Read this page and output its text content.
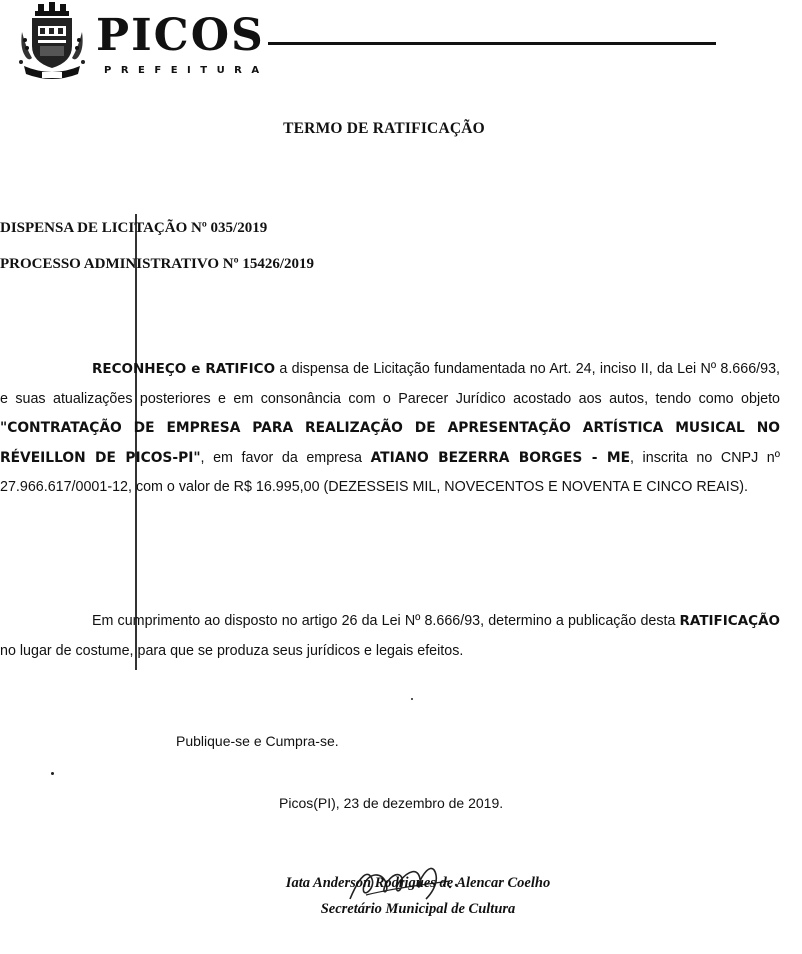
PICOS
PREFEITURA
TERMO DE RATIFICAÇÃO
DISPENSA DE LICITAÇÃO Nº 035/2019
PROCESSO ADMINISTRATIVO Nº 15426/2019
RECONHEÇO e RATIFICO a dispensa de Licitação fundamentada no Art. 24, inciso II, da Lei Nº 8.666/93, e suas atualizações posteriores e em consonância com o Parecer Jurídico acostado aos autos, tendo como objeto "CONTRATAÇÃO DE EMPRESA PARA REALIZAÇÃO DE APRESENTAÇÃO ARTÍSTICA MUSICAL NO RÉVEILLON DE PICOS-PI", em favor da empresa ATIANO BEZERRA BORGES - ME, inscrita no CNPJ nº 27.966.617/0001-12, com o valor de R$ 16.995,00 (DEZESSEIS MIL, NOVECENTOS E NOVENTA E CINCO REAIS).
Em cumprimento ao disposto no artigo 26 da Lei Nº 8.666/93, determino a publicação desta RATIFICAÇÃO no lugar de costume, para que se produza seus jurídicos e legais efeitos.
Publique-se e Cumpra-se.
Picos(PI), 23 de dezembro de 2019.
Iata Anderson Rodrigues de Alencar Coelho
Secretário Municipal de Cultura
